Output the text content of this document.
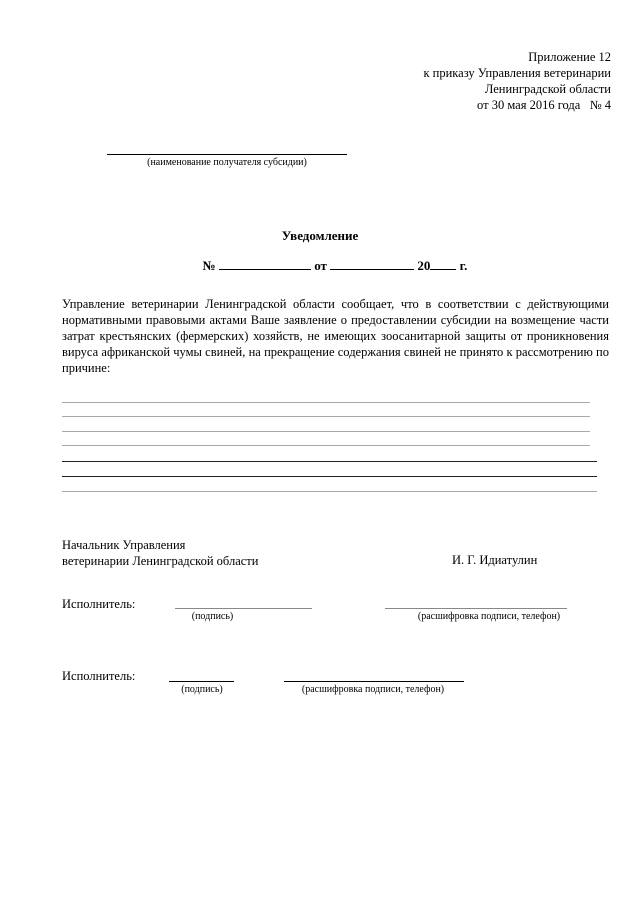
Приложение 12
к приказу Управления ветеринарии
Ленинградской области
от 30 мая 2016 года   № 4
(наименование получателя субсидии)
Уведомление
№	от	20 г.
Управление ветеринарии Ленинградской области сообщает, что в соответствии с действующими нормативными правовыми актами Ваше заявление о предоставлении субсидии на возмещение части затрат крестьянских (фермерских) хозяйств, не имеющих зоосанитарной защиты от проникновения вируса африканской чумы свиней, на прекращение содержания свиней не принято к рассмотрению по причине:
Начальник Управления
ветеринарии Ленинградской области	И. Г. Идиатулин
Исполнитель:
(подпись)	(расшифровка подписи, телефон)
Исполнитель:
(подпись)	(расшифровка подписи, телефон)
